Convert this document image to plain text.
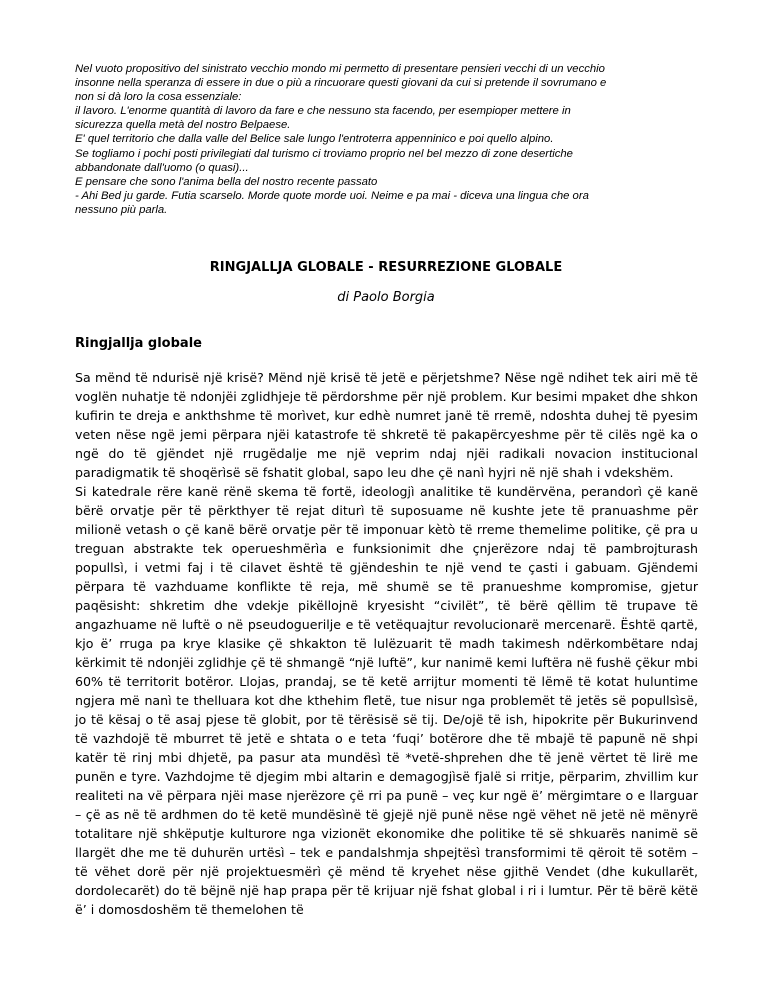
Nel vuoto propositivo del sinistrato vecchio mondo mi permetto di presentare pensieri vecchi di un vecchio
insonne nella speranza di essere in due o più a rincuorare questi giovani da cui si pretende il sovrumano e
non si dà loro la cosa essenziale:
il lavoro. L'enorme quantità di lavoro da fare e che nessuno sta facendo, per esempioper mettere in
sicurezza quella metà del nostro Belpaese.
E' quel territorio che dalla valle del Belice sale lungo l'entroterra appenninico e poi quello alpino.
Se togliamo i pochi posti privilegiati dal turismo ci troviamo proprio nel bel mezzo di zone desertiche
abbandonate dall'uomo (o quasi)...
E pensare che sono l'anima bella del nostro recente passato
- Ahi Bed ju garde. Futia scarselo. Morde quote morde uoi. Neime e pa mai - diceva una lingua che ora
nessuno più parla.
RINGJALLJA GLOBALE - RESURREZIONE GLOBALE
di Paolo Borgia
Ringjallja globale

Sa mënd të ndurisë një krisë? Mënd një krisë të jetë e përjetshme? Nëse ngë ndihet tek airi më të voglën nuhatje të ndonjëi zglidhjeje të përdorshme për një problem. Kur besimi mpaket dhe shkon kufirin te dreja e ankthshme të morìvet, kur edhè numret janë të rremë, ndoshta duhej të pyesim veten nëse ngë jemi përpara njëi katastrofe të shkretë të pakapërcyeshme për të cilës ngë ka o ngë do të gjëndet një rrugëdalje me një veprim ndaj njëi radikali novacion institucional paradigmatik të shoqërìsë së fshatit global, sapo leu dhe çë nanì hyjri në një shah i vdekshëm.

Si katedrale rëre kanë rënë skema të fortë, ideologjì analitike të kundërvëna, perandorì çë kanë bërë orvatje për të përkthyer të rejat diturì të suposuame në kushte jete të pranuashme për milionë vetash o çë kanë bërë orvatje për të imponuar kètò të rreme themelime politike, çë pra u treguan abstrakte tek operueshmërìa e funksionimit dhe çnjerëzore ndaj të pambrojturash popullsì, i vetmi faj i të cilavet është të gjëndeshin te një vend te çasti i gabuam. Gjëndemi përpara të vazhduame konflikte të reja, më shumë se të pranueshme kompromise, gjetur paqësisht: shkretim dhe vdekje pikëllojnë kryesisht “civilët”, të bërë qëllim të trupave të angazhuame në luftë o në pseudoguerilje e të vetëquajtur revolucionarë mercenarë. Është qartë, kjo ë’ rruga pa krye klasike çë shkakton të lulëzuarit të madh takimesh ndërkombëtare ndaj kërkimit të ndonjëi zglidhje çë të shmangë “një luftë”, kur nanimë kemi luftëra në fushë çëkur mbi 60% të territorit botëror. Llojas, prandaj, se të ketë arrijtur momenti të lëmë të kotat huluntime ngjera më nanì te thelluara kot dhe kthehim fletë, tue nisur nga problemët të jetës së popullsìsë, jo të kësaj o të asaj pjese të globit, por të tërësisë së tij. De/ojë të ish, hipokrite për Bukurinvend të vazhdojë të mburret të jetë e shtata o e teta ‘fuqi’ botërore dhe të mbajë të papunë në shpi katër të rinj mbi dhjetë, pa pasur ata mundësì të *vetë-shprehen dhe të jenë vërtet të lirë me punën e tyre. Vazhdojme të djegim mbi altarin e demagogjìsë fjalë si rritje, përparim, zhvillim kur realiteti na vë përpara njëi mase njerëzore çë rri pa punë – veç kur ngë ë’ mërgimtare o e llarguar – çë as në të ardhmen do të ketë mundësìnë të gjejë një punë nëse ngë vëhet në jetë në mënyrë totalitare një shkëputje kulturore nga vizionët ekonomike dhe politike të së shkuarës nanimë së llargët dhe me të duhurën urtësì – tek e pandalshmja shpejtësì transformimi të qëroit të sotëm – të vëhet dorë për një projektuesmërì çë mënd të kryehet nëse gjithë Vendet (dhe kukullarët, dordolecarët) do të bëjnë një hap prapa për të krijuar një fshat global i ri i lumtur. Për të bërë këtë ë’ i domosdoshëm të themelohen të
